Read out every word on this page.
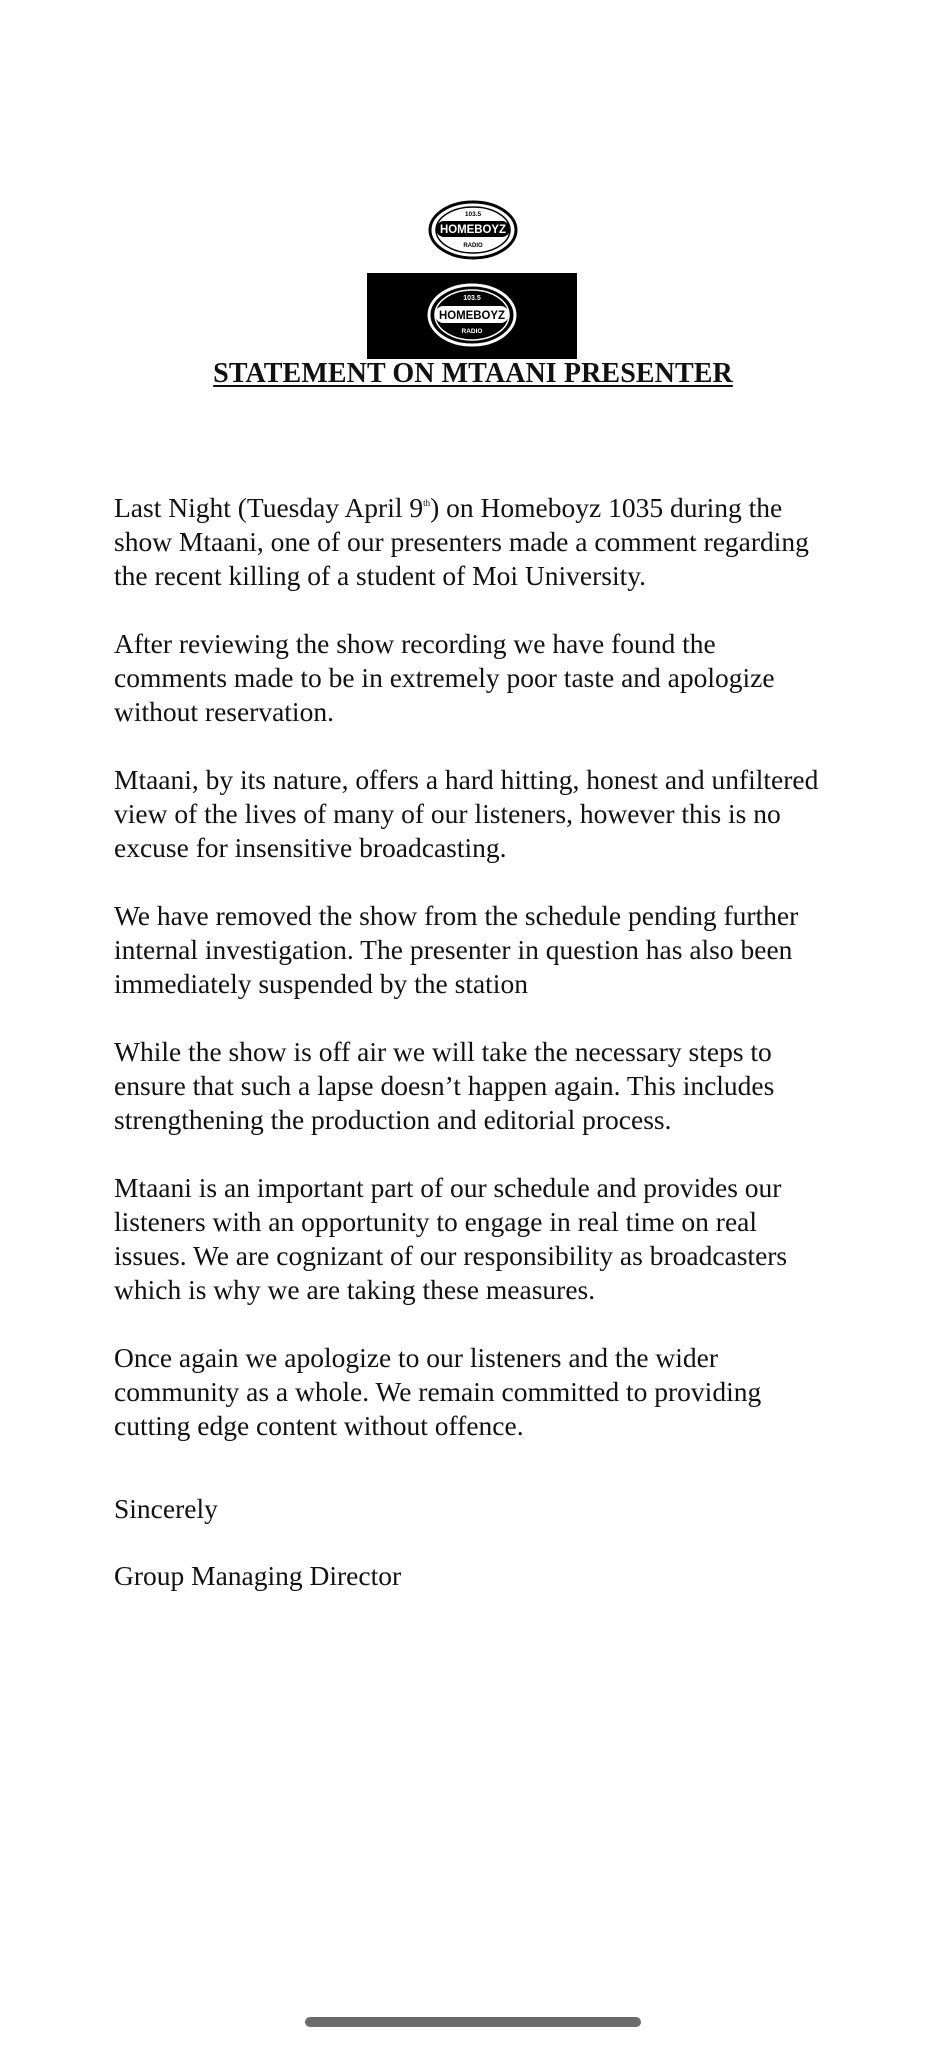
103.5
HOMEBOYZ
RADIO
103.5
HOMEBOYZ
RADIO
STATEMENT ON MTAANI PRESENTER

Last Night (Tuesday April 9th) on Homeboyz 1035 during the show Mtaani, one of our presenters made a comment regarding the recent killing of a student of Moi University.

After reviewing the show recording we have found the comments made to be in extremely poor taste and apologize without reservation.

Mtaani, by its nature, offers a hard hitting, honest and unfiltered view of the lives of many of our listeners, however this is no excuse for insensitive broadcasting.

We have removed the show from the schedule pending further internal investigation. The presenter in question has also been immediately suspended by the station

While the show is off air we will take the necessary steps to ensure that such a lapse doesn’t happen again. This includes strengthening the production and editorial process.

Mtaani is an important part of our schedule and provides our listeners with an opportunity to engage in real time on real issues. We are cognizant of our responsibility as broadcasters which is why we are taking these measures.

Once again we apologize to our listeners and the wider community as a whole. We remain committed to providing cutting edge content without offence.

Sincerely
Group Managing Director
